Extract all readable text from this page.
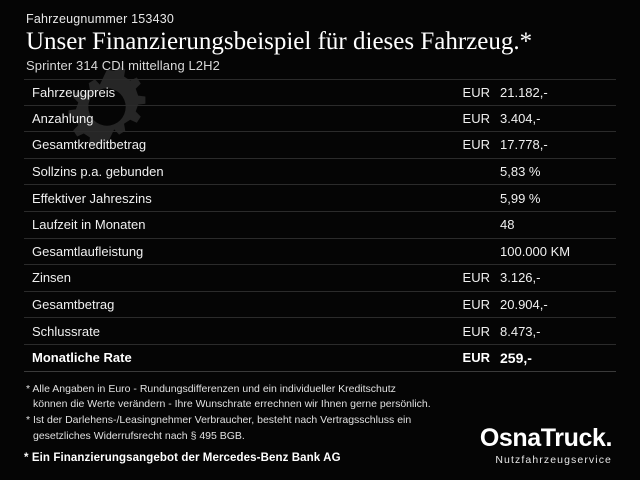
Fahrzeugnummer 153430
Unser Finanzierungsbeispiel für dieses Fahrzeug.*
Sprinter 314 CDI mittellang L2H2
Fahrzeugpreis	EUR 21.182,-
Anzahlung	EUR 3.404,-
Gesamtkreditbetrag	EUR 17.778,-
Sollzins p.a. gebunden	5,83 %
Effektiver Jahreszins	5,99 %
Laufzeit in Monaten	48
Gesamtlaufleistung	100.000 KM
Zinsen	EUR 3.126,-
Gesamtbetrag	EUR 20.904,-
Schlussrate	EUR 8.473,-
Monatliche Rate	EUR 259,-

* Alle Angaben in Euro - Rundungsdifferenzen und ein individueller Kreditschutz

können die Werte verändern - Ihre Wunschrate errechnen wir Ihnen gerne persönlich.

* Ist der Darlehens-/Leasingnehmer Verbraucher, besteht nach Vertragsschluss ein

gesetzliches Widerrufsrecht nach § 495 BGB.

* Ein Finanzierungsangebot der Mercedes-Benz Bank AG
OsnaTruck.
Nutzfahrzeugservice
